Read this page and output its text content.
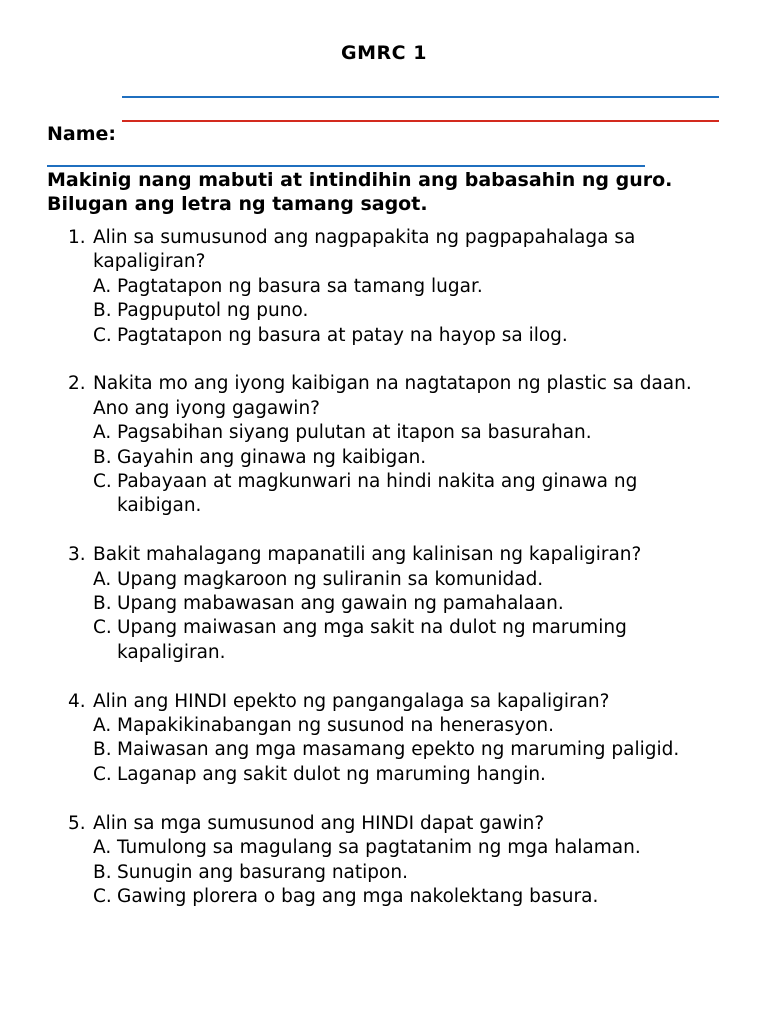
GMRC 1
Name:
Makinig nang mabuti at intindihin ang babasahin ng guro. Bilugan ang letra ng tamang sagot.
1. Alin sa sumusunod ang nagpapakita ng pagpapahalaga sa kapaligiran?
A. Pagtatapon ng basura sa tamang lugar.
B. Pagpuputol ng puno.
C. Pagtatapon ng basura at patay na hayop sa ilog.
2. Nakita mo ang iyong kaibigan na nagtatapon ng plastic sa daan. Ano ang iyong gagawin?
A. Pagsabihan siyang pulutan at itapon sa basurahan.
B. Gayahin ang ginawa ng kaibigan.
C. Pabayaan at magkunwari na hindi nakita ang ginawa ng kaibigan.
3. Bakit mahalagang mapanatili ang kalinisan ng kapaligiran?
A. Upang magkaroon ng suliranin sa komunidad.
B. Upang mabawasan ang gawain ng pamahalaan.
C. Upang maiwasan ang mga sakit na dulot ng maruming kapaligiran.
4. Alin ang HINDI epekto ng pangangalaga sa kapaligiran?
A. Mapakikinabangan ng susunod na henerasyon.
B. Maiwasan ang mga masamang epekto ng maruming paligid.
C. Laganap ang sakit dulot ng maruming hangin.
5. Alin sa mga sumusunod ang HINDI dapat gawin?
A. Tumulong sa magulang sa pagtatanim ng mga halaman.
B. Sunugin ang basurang natipon.
C. Gawing plorera o bag ang mga nakolektang basura.
